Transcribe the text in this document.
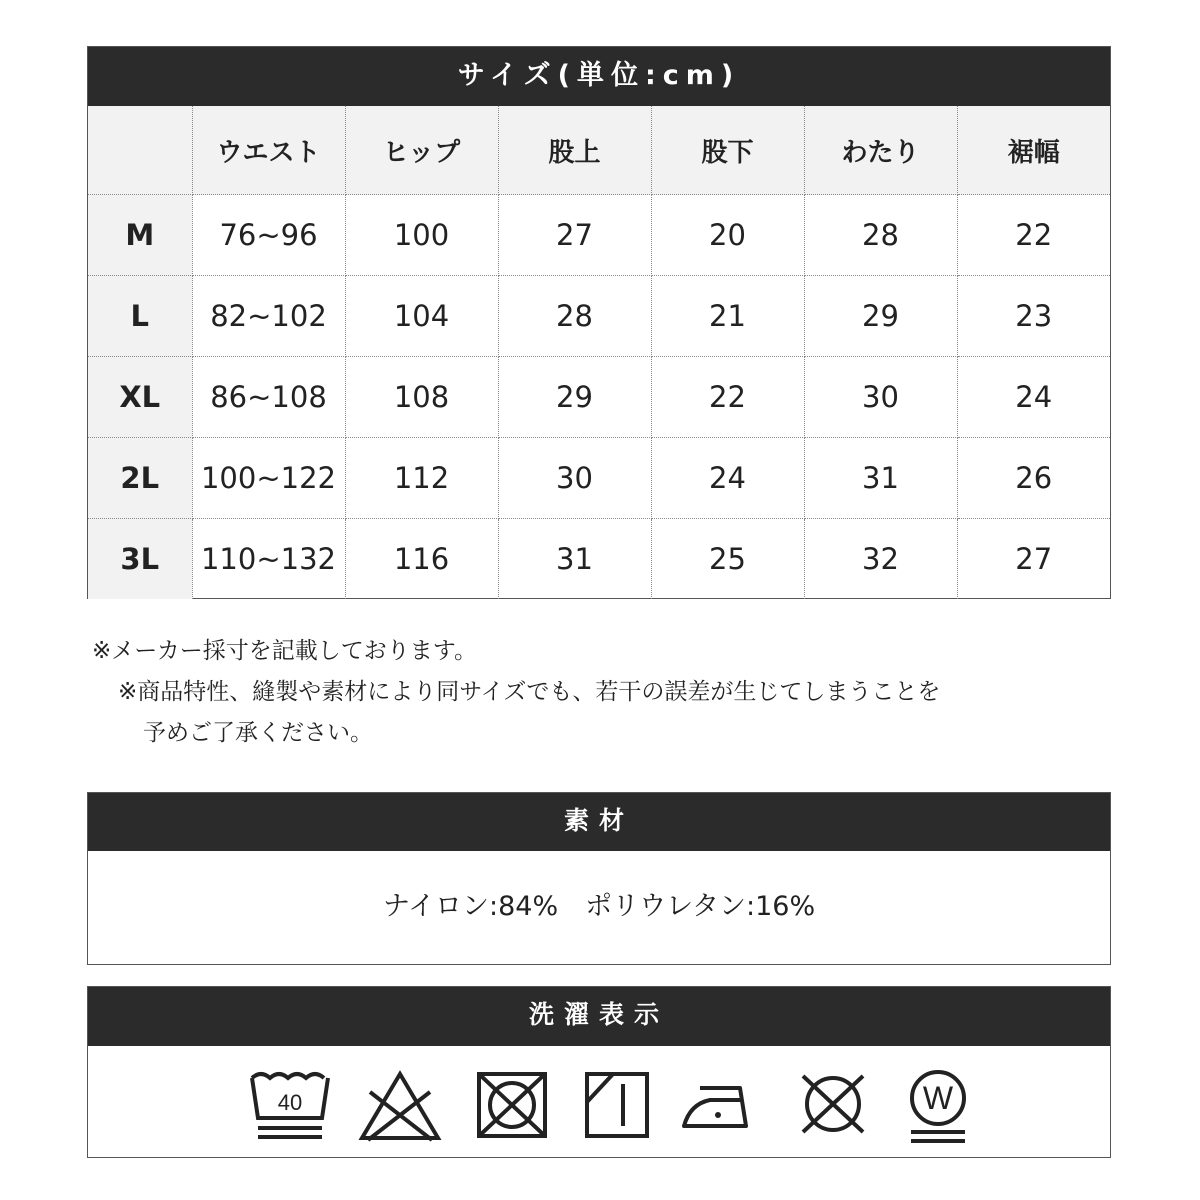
サイズ(単位:cm)
	ウエスト	ヒップ	股上	股下	わたり	裾幅
M	76~96	100	27	20	28	22
L	82~102	104	28	21	29	23
XL	86~108	108	29	22	30	24
2L	100~122	112	30	24	31	26
3L	110~132	116	31	25	32	27
※メーカー採寸を記載しております。
※商品特性、縫製や素材により同サイズでも、若干の誤差が生じてしまうことを
予めご了承ください。
素材
ナイロン:84%　ポリウレタン:16%
洗濯表示
40	W
